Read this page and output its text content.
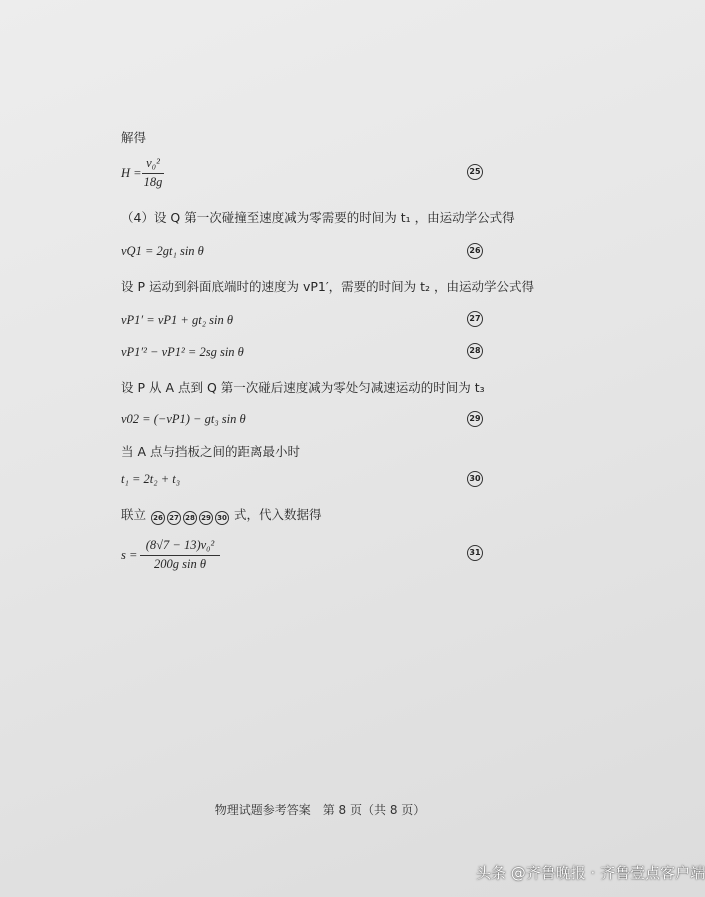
解得
H =
v₀²
18g
25
（4）设 Q 第一次碰撞至速度减为零需要的时间为 t₁ ，由运动学公式得
vQ1 = 2gt₁ sin θ	26
设 P 运动到斜面底端时的速度为 vP1′，需要的时间为 t₂ ，由运动学公式得
vP1′ = vP1 + gt₂ sin θ	27
vP1′² − vP1² = 2sg sin θ	28
设 P 从 A 点到 Q 第一次碰后速度减为零处匀减速运动的时间为 t₃
v02 = (−vP1) − gt₃ sin θ	29
当 A 点与挡板之间的距离最小时
t₁ = 2t₂ + t₃	30
联立 26 27 28 29 30 式，代入数据得
s =
(8√7 − 13)v₀²
200g sin θ
31
物理试题参考答案　第 8 页（共 8 页）
头条 @齐鲁晚报 · 齐鲁壹点客户端
